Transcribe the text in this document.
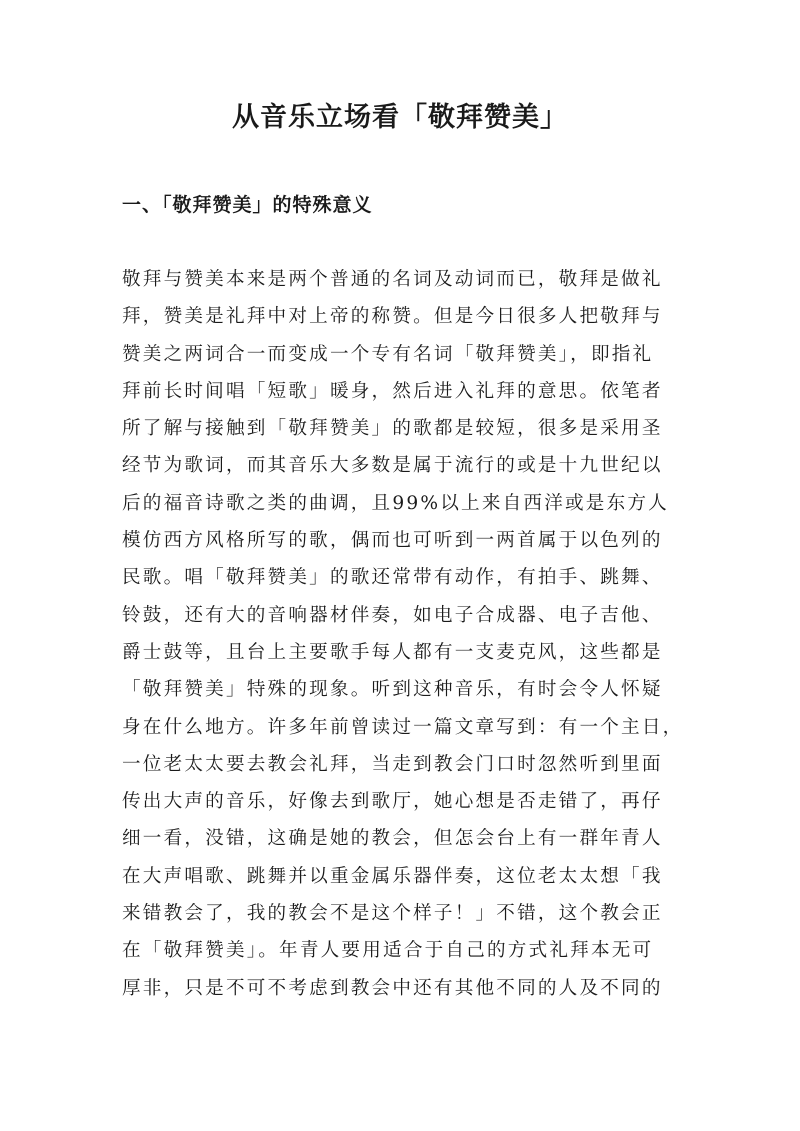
从音乐立场看「敬拜赞美」
一、「敬拜赞美」的特殊意义
敬拜与赞美本来是两个普通的名词及动词而已，敬拜是做礼
拜，赞美是礼拜中对上帝的称赞。但是今日很多人把敬拜与
赞美之两词合一而变成一个专有名词「敬拜赞美」，即指礼
拜前长时间唱「短歌」暖身，然后进入礼拜的意思。依笔者
所了解与接触到「敬拜赞美」的歌都是较短，很多是采用圣
经节为歌词，而其音乐大多数是属于流行的或是十九世纪以
后的福音诗歌之类的曲调，且99%以上来自西洋或是东方人
模仿西方风格所写的歌，偶而也可听到一两首属于以色列的
民歌。唱「敬拜赞美」的歌还常带有动作，有拍手、跳舞、
铃鼓，还有大的音响器材伴奏，如电子合成器、电子吉他、
爵士鼓等，且台上主要歌手每人都有一支麦克风，这些都是
「敬拜赞美」特殊的现象。听到这种音乐，有时会令人怀疑
身在什么地方。许多年前曾读过一篇文章写到：有一个主日，
一位老太太要去教会礼拜，当走到教会门口时忽然听到里面
传出大声的音乐，好像去到歌厅，她心想是否走错了，再仔
细一看，没错，这确是她的教会，但怎会台上有一群年青人
在大声唱歌、跳舞并以重金属乐器伴奏，这位老太太想「我
来错教会了，我的教会不是这个样子！」不错，这个教会正
在「敬拜赞美」。年青人要用适合于自己的方式礼拜本无可
厚非，只是不可不考虑到教会中还有其他不同的人及不同的
